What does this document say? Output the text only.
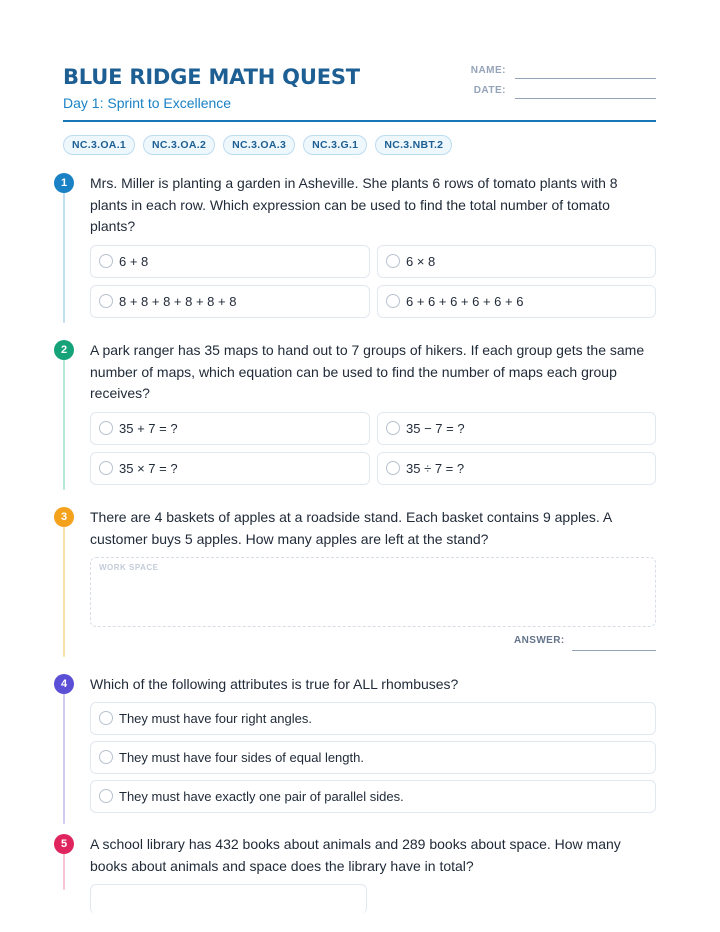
BLUE RIDGE MATH QUEST
Day 1: Sprint to Excellence
NAME:
DATE:
NC.3.OA.1	NC.3.OA.2	NC.3.OA.3	NC.3.G.1	NC.3.NBT.2
1	Mrs. Miller is planting a garden in Asheville. She plants 6 rows of tomato plants with 8 plants in each row. Which expression can be used to find the total number of tomato plants?
6 + 8	6 × 8
8 + 8 + 8 + 8 + 8 + 8	6 + 6 + 6 + 6 + 6 + 6
2	A park ranger has 35 maps to hand out to 7 groups of hikers. If each group gets the same number of maps, which equation can be used to find the number of maps each group receives?
35 + 7 = ?	35 − 7 = ?
35 × 7 = ?	35 ÷ 7 = ?
3	There are 4 baskets of apples at a roadside stand. Each basket contains 9 apples. A customer buys 5 apples. How many apples are left at the stand?
WORK SPACE
ANSWER:
4	Which of the following attributes is true for ALL rhombuses?
They must have four right angles.
They must have four sides of equal length.
They must have exactly one pair of parallel sides.
5	A school library has 432 books about animals and 289 books about space. How many books about animals and space does the library have in total?
